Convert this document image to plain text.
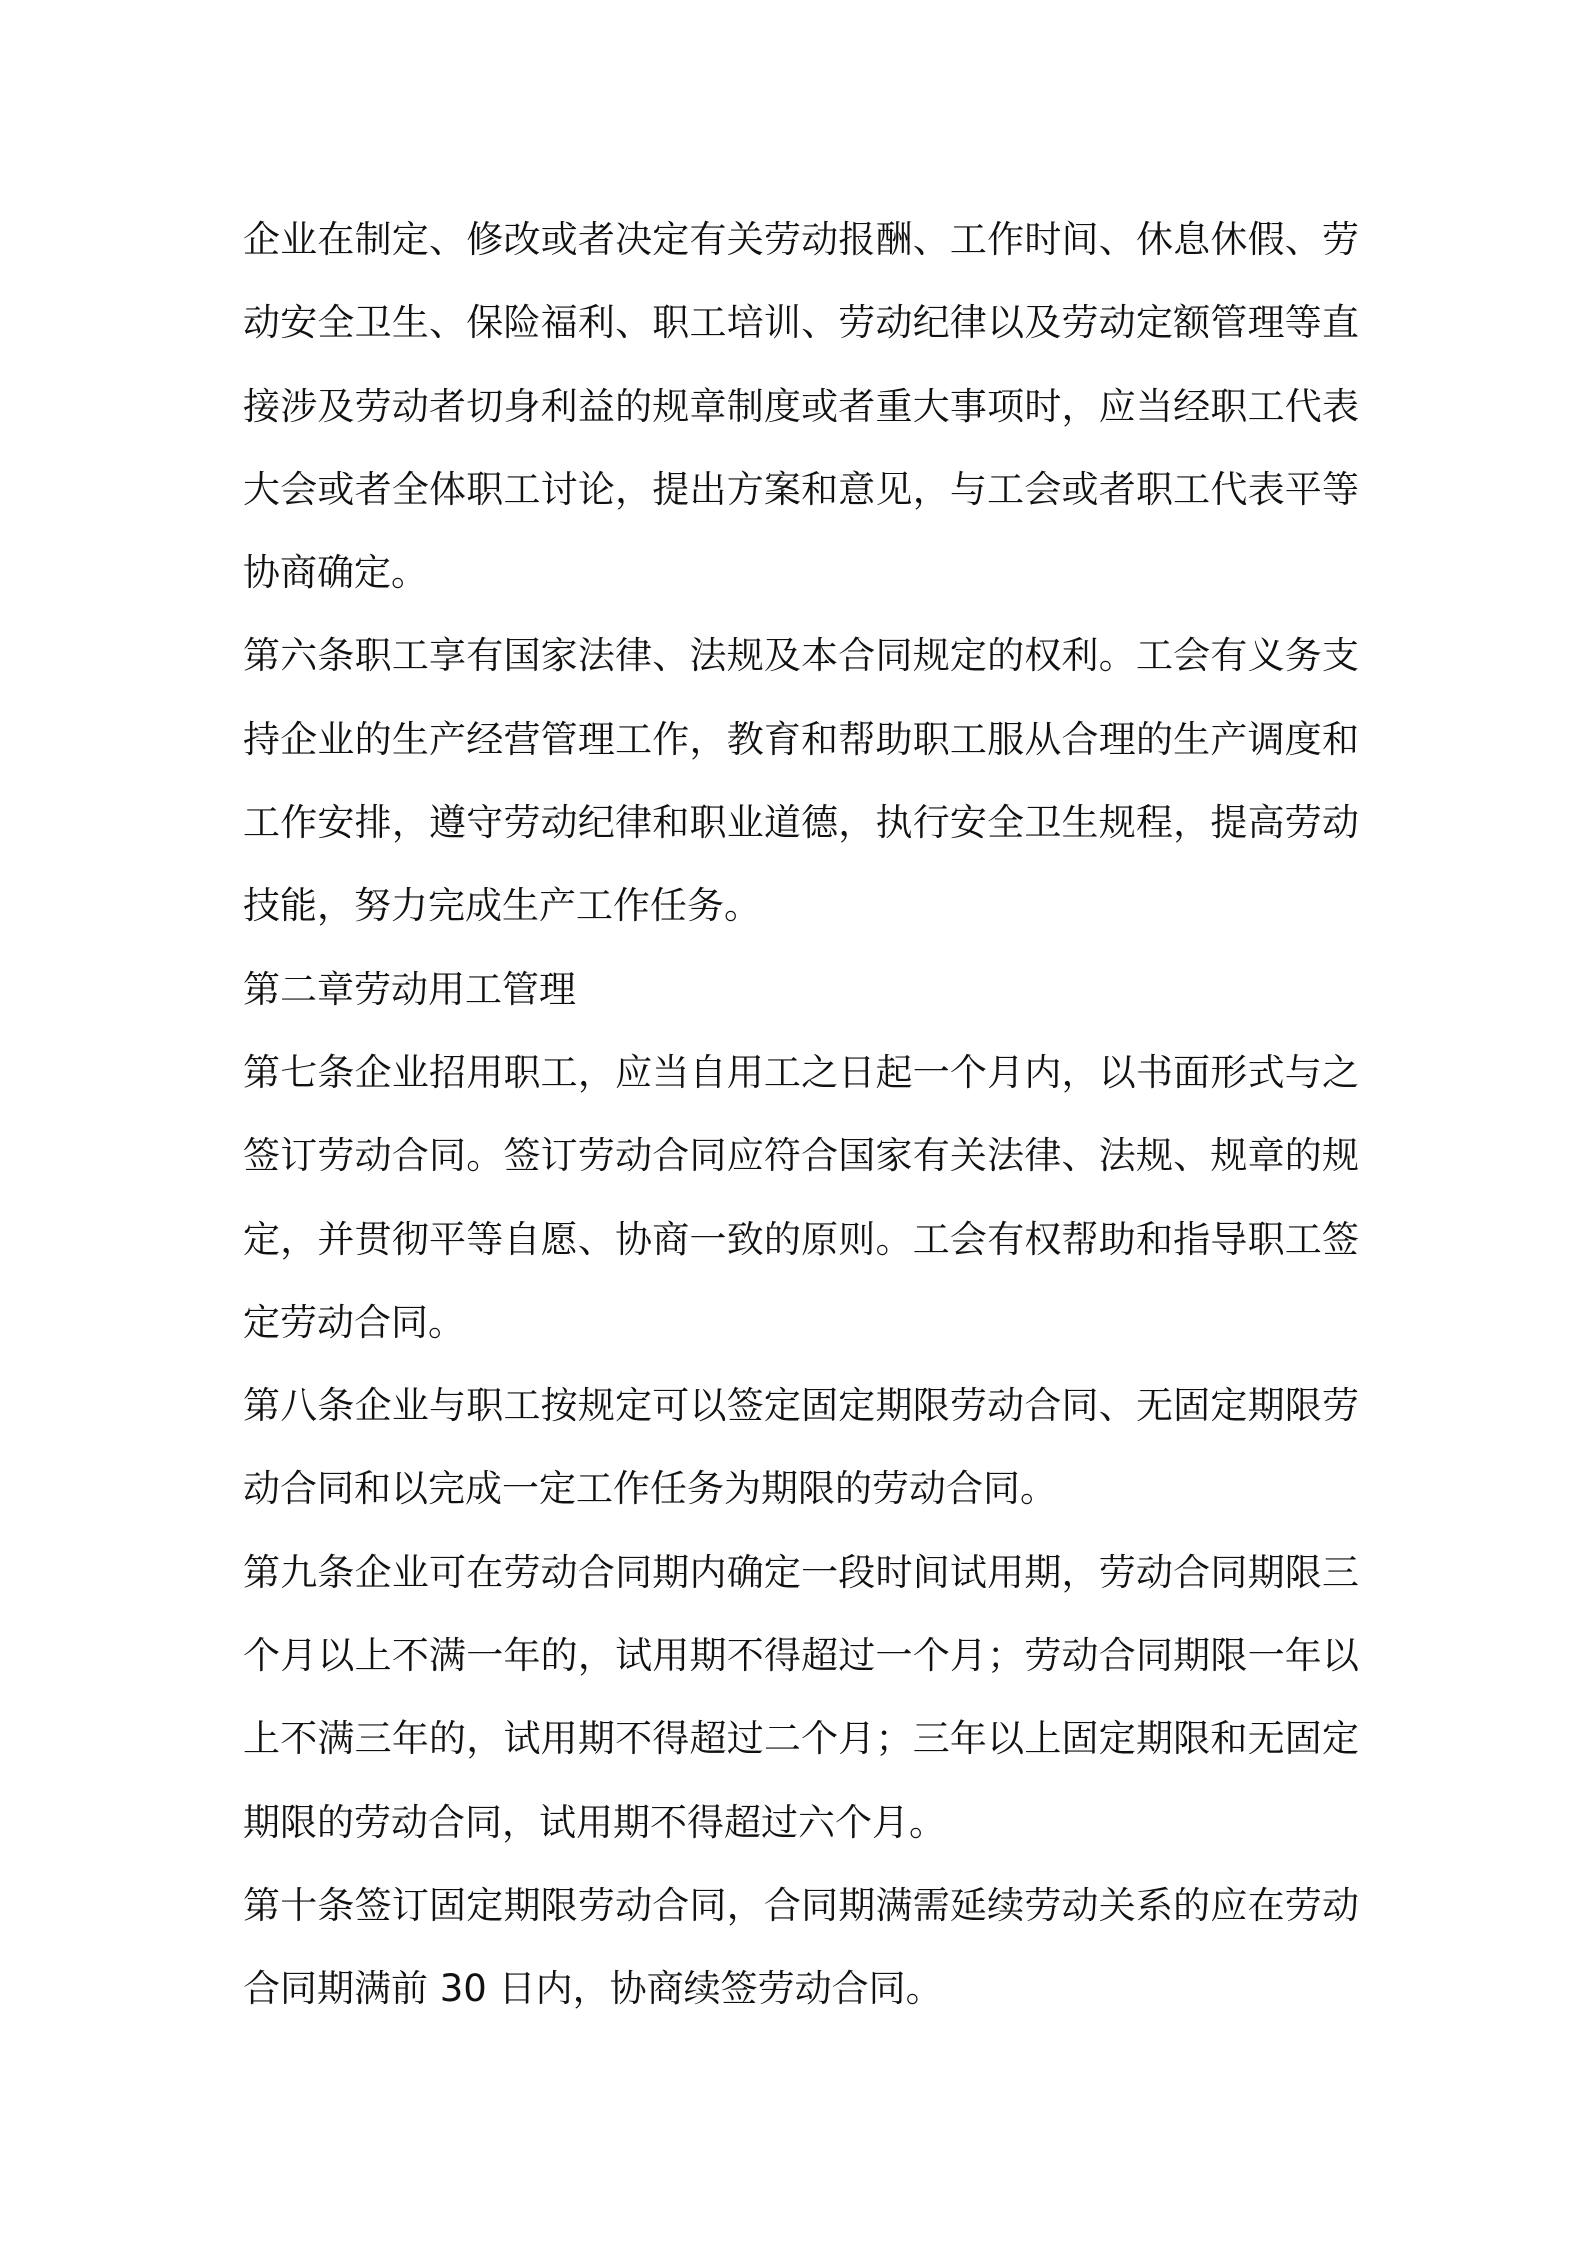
企业在制定、修改或者决定有关劳动报酬、工作时间、休息休假、劳动安全卫生、保险福利、职工培训、劳动纪律以及劳动定额管理等直接涉及劳动者切身利益的规章制度或者重大事项时，应当经职工代表大会或者全体职工讨论，提出方案和意见，与工会或者职工代表平等协商确定。

第六条职工享有国家法律、法规及本合同规定的权利。工会有义务支持企业的生产经营管理工作，教育和帮助职工服从合理的生产调度和工作安排，遵守劳动纪律和职业道德，执行安全卫生规程，提高劳动技能，努力完成生产工作任务。

第二章劳动用工管理

第七条企业招用职工，应当自用工之日起一个月内，以书面形式与之签订劳动合同。签订劳动合同应符合国家有关法律、法规、规章的规定，并贯彻平等自愿、协商一致的原则。工会有权帮助和指导职工签定劳动合同。

第八条企业与职工按规定可以签定固定期限劳动合同、无固定期限劳动合同和以完成一定工作任务为期限的劳动合同。

第九条企业可在劳动合同期内确定一段时间试用期，劳动合同期限三个月以上不满一年的，试用期不得超过一个月；劳动合同期限一年以上不满三年的，试用期不得超过二个月；三年以上固定期限和无固定期限的劳动合同，试用期不得超过六个月。

第十条签订固定期限劳动合同，合同期满需延续劳动关系的应在劳动合同期满前 30 日内，协商续签劳动合同。
